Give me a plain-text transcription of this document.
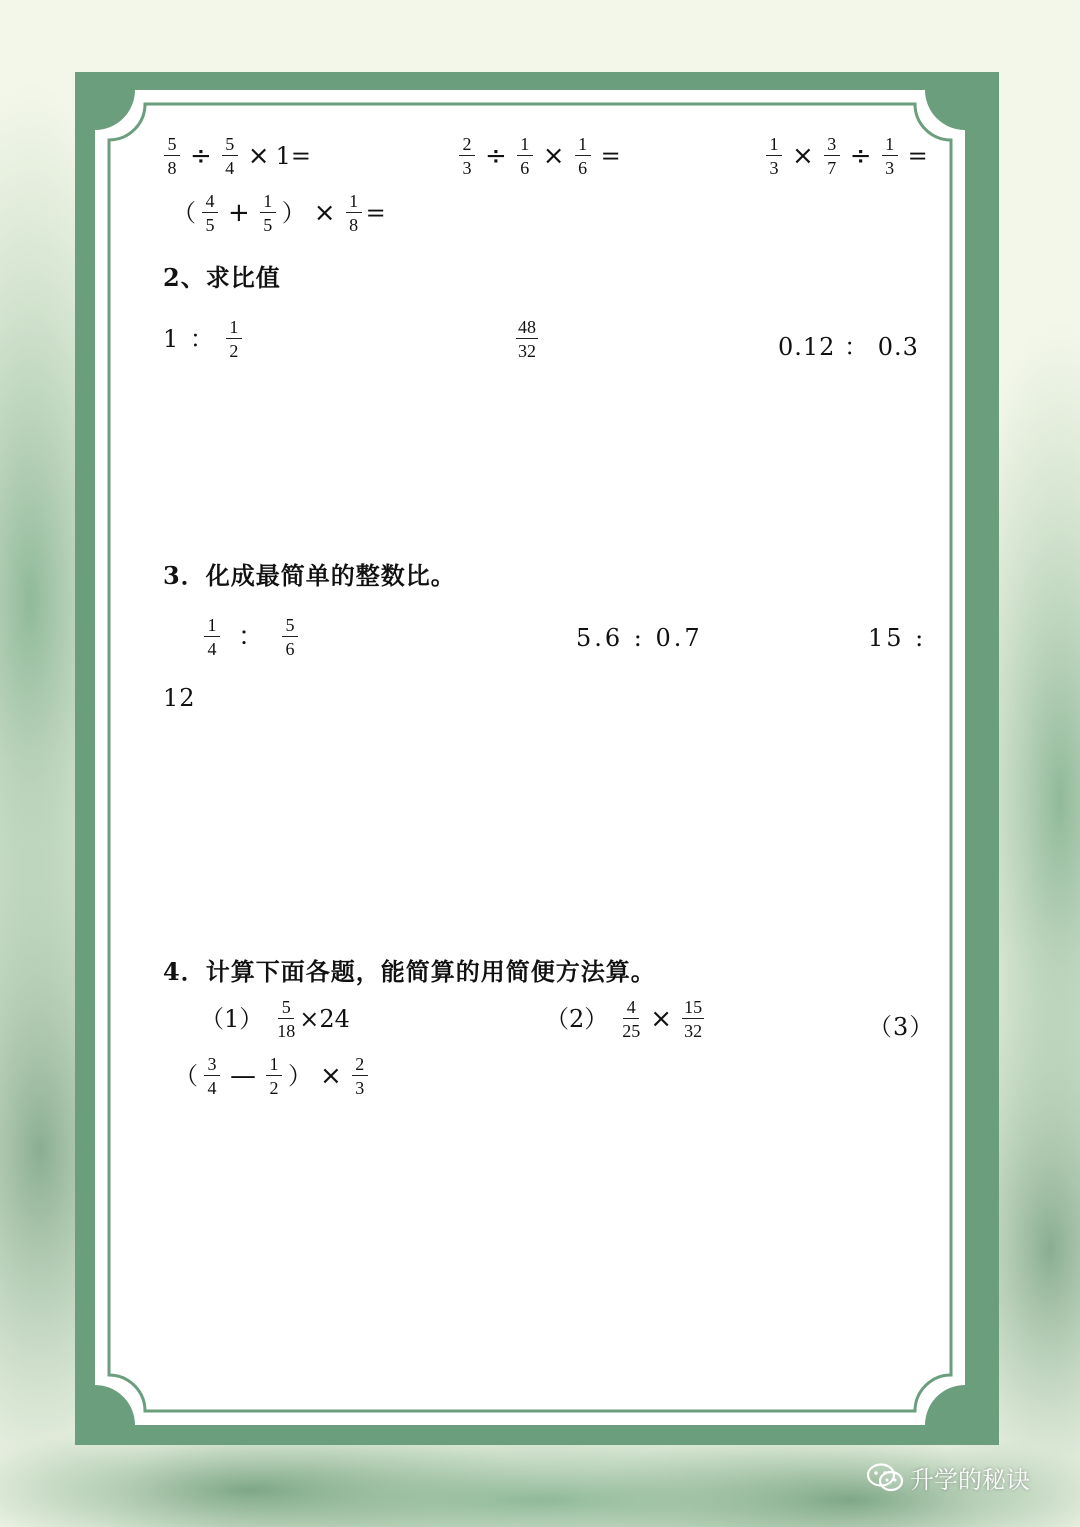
$\frac{5}{8} \div \frac{5}{4} \times 1=$	$\frac{2}{3} \div \frac{1}{6} \times \frac{1}{6}$ =	$\frac{1}{3} \times \frac{3}{7} \div \frac{1}{3}$ =
（ $\frac{4}{5} + \frac{1}{5}$ ） × $\frac{1}{8}$ =
2、求比值
1 ： $\frac{1}{2}$	$\frac{48}{32}$	0.12 ： 0.3
3．化成最简单的整数比。
$\frac{1}{4}$ ： $\frac{5}{6}$	5.6 : 0.7	15 :
12
4．计算下面各题，能简算的用简便方法算。
$(1) \frac{5}{18} \times 24$	$(2) \frac{4}{25} \times \frac{15}{32}$	（3）
（ $\frac{3}{4}$ — $\frac{1}{2}$ ） × $\frac{2}{3}$
升学的秘诀
